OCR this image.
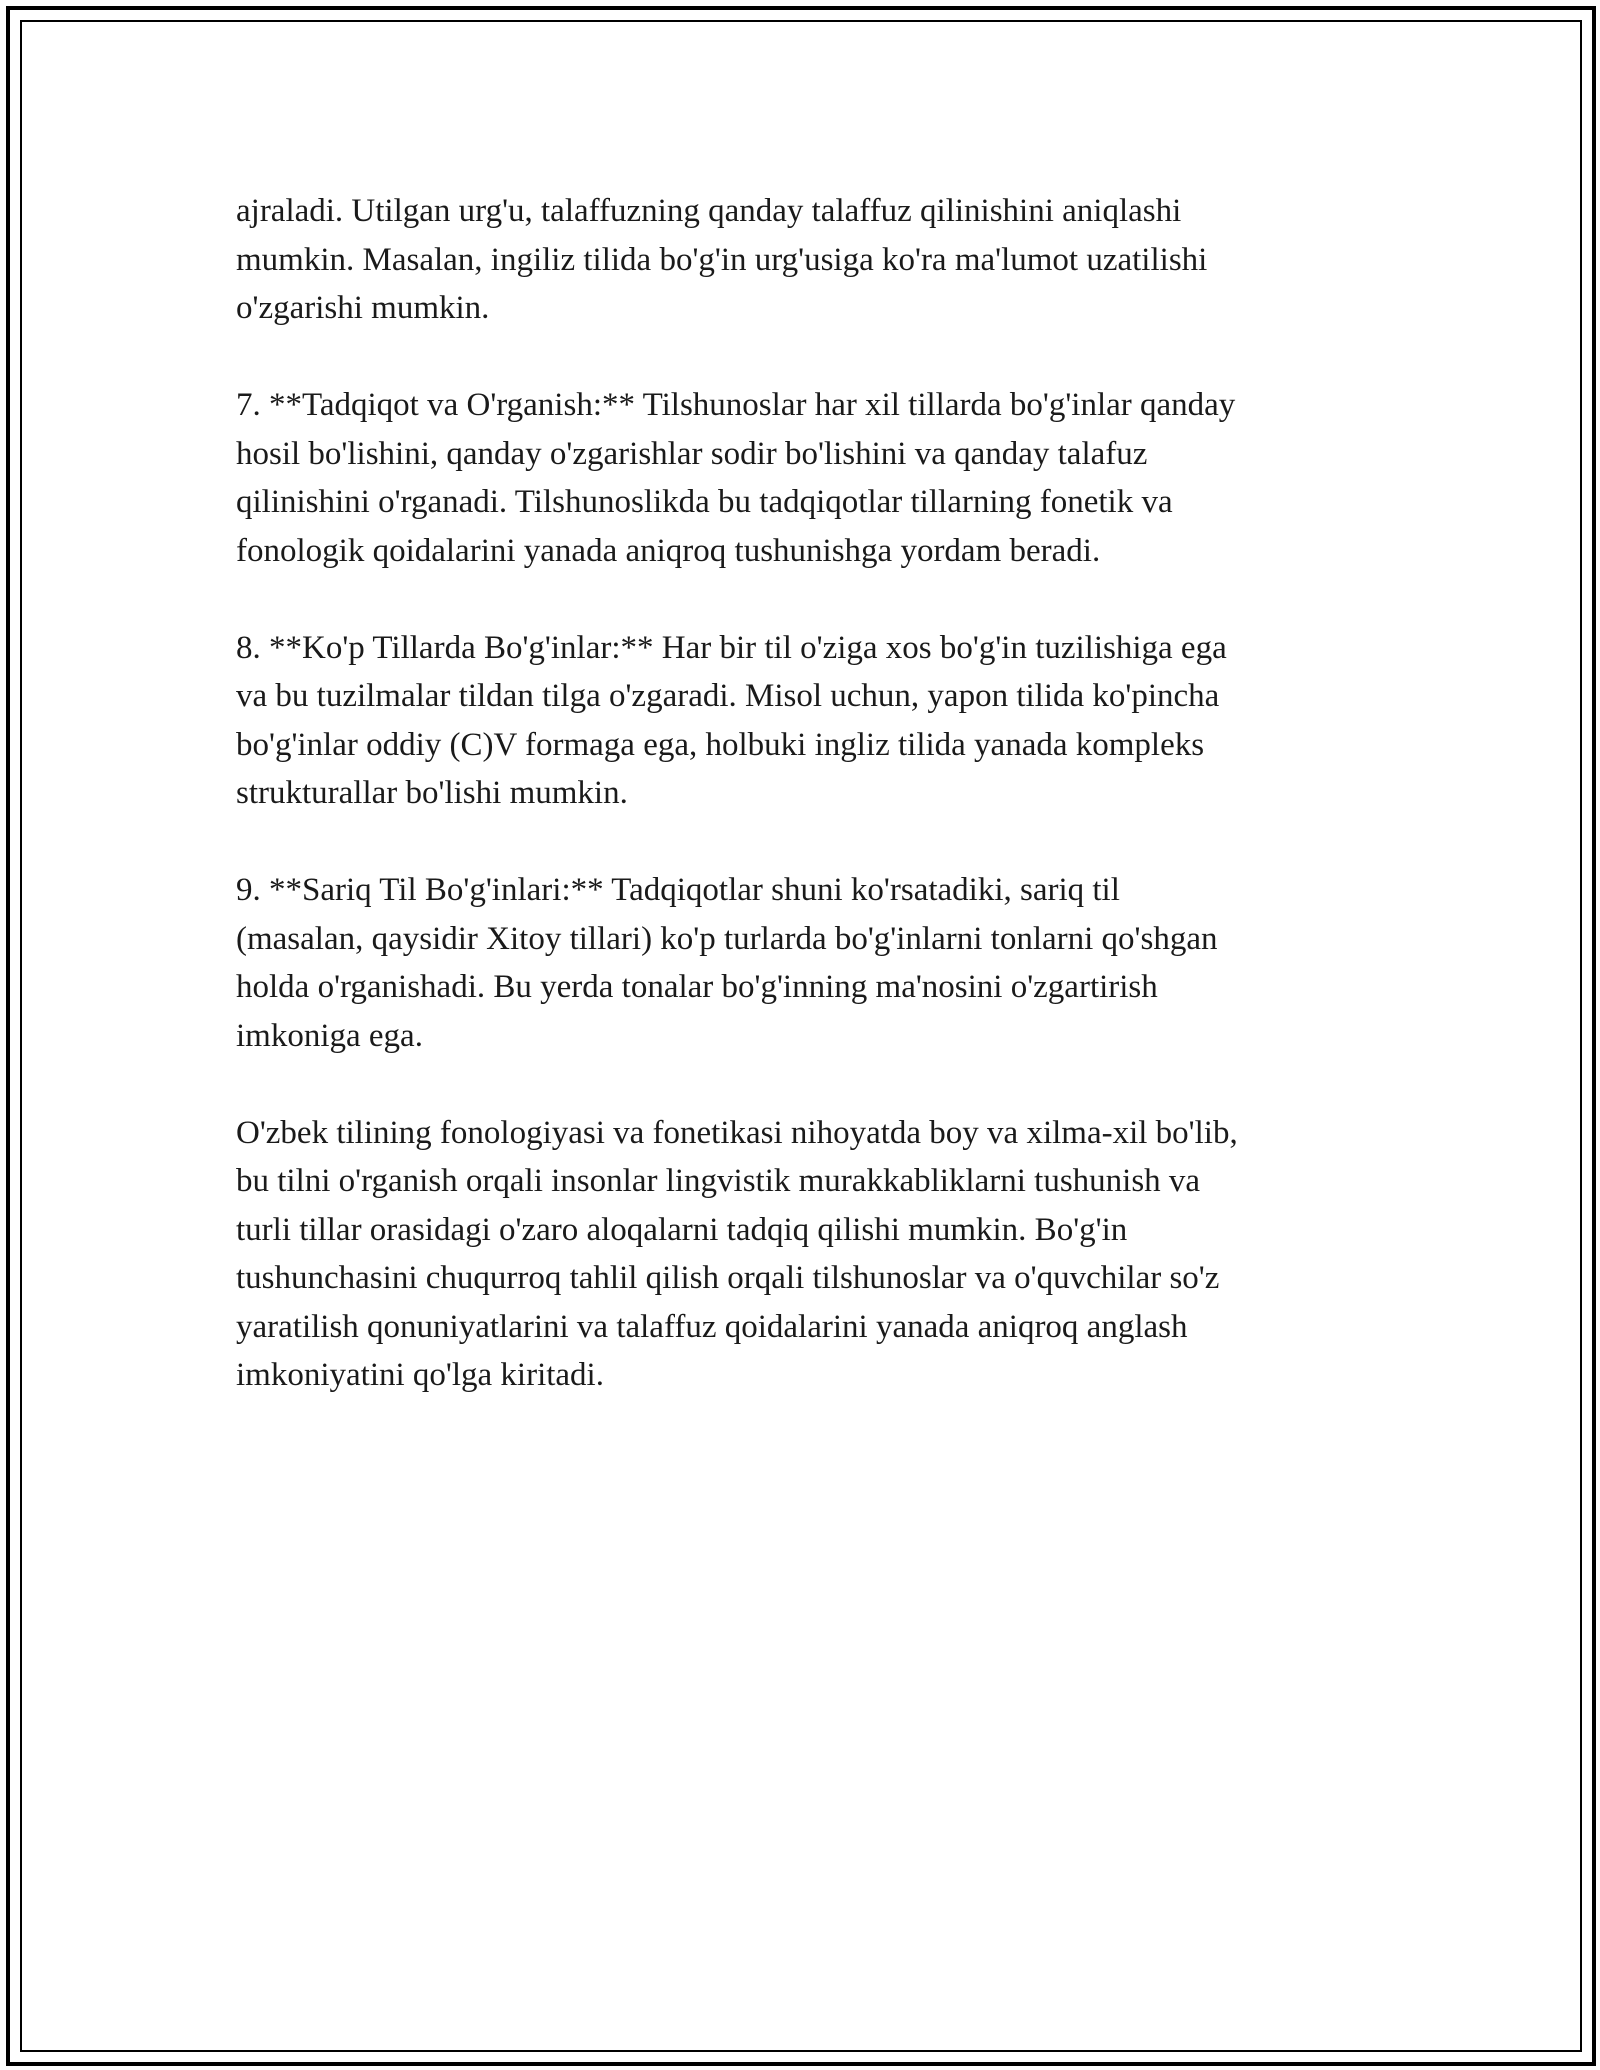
ajraladi. Utilgan urg'u, talaffuzning qanday talaffuz qilinishini aniqlashi
mumkin. Masalan, ingiliz tilida bo'g'in urg'usiga ko'ra ma'lumot uzatilishi
o'zgarishi mumkin.

7. **Tadqiqot va O'rganish:** Tilshunoslar har xil tillarda bo'g'inlar qanday
hosil bo'lishini, qanday o'zgarishlar sodir bo'lishini va qanday talafuz
qilinishini o'rganadi. Tilshunoslikda bu tadqiqotlar tillarning fonetik va
fonologik qoidalarini yanada aniqroq tushunishga yordam beradi.

8. **Ko'p Tillarda Bo'g'inlar:** Har bir til o'ziga xos bo'g'in tuzilishiga ega
va bu tuzilmalar tildan tilga o'zgaradi. Misol uchun, yapon tilida ko'pincha
bo'g'inlar oddiy (C)V formaga ega, holbuki ingliz tilida yanada kompleks
strukturallar bo'lishi mumkin.

9. **Sariq Til Bo'g'inlari:** Tadqiqotlar shuni ko'rsatadiki, sariq til
(masalan, qaysidir Xitoy tillari) ko'p turlarda bo'g'inlarni tonlarni qo'shgan
holda o'rganishadi. Bu yerda tonalar bo'g'inning ma'nosini o'zgartirish
imkoniga ega.

O'zbek tilining fonologiyasi va fonetikasi nihoyatda boy va xilma-xil bo'lib,
bu tilni o'rganish orqali insonlar lingvistik murakkabliklarni tushunish va
turli tillar orasidagi o'zaro aloqalarni tadqiq qilishi mumkin. Bo'g'in
tushunchasini chuqurroq tahlil qilish orqali tilshunoslar va o'quvchilar so'z
yaratilish qonuniyatlarini va talaffuz qoidalarini yanada aniqroq anglash
imkoniyatini qo'lga kiritadi.
